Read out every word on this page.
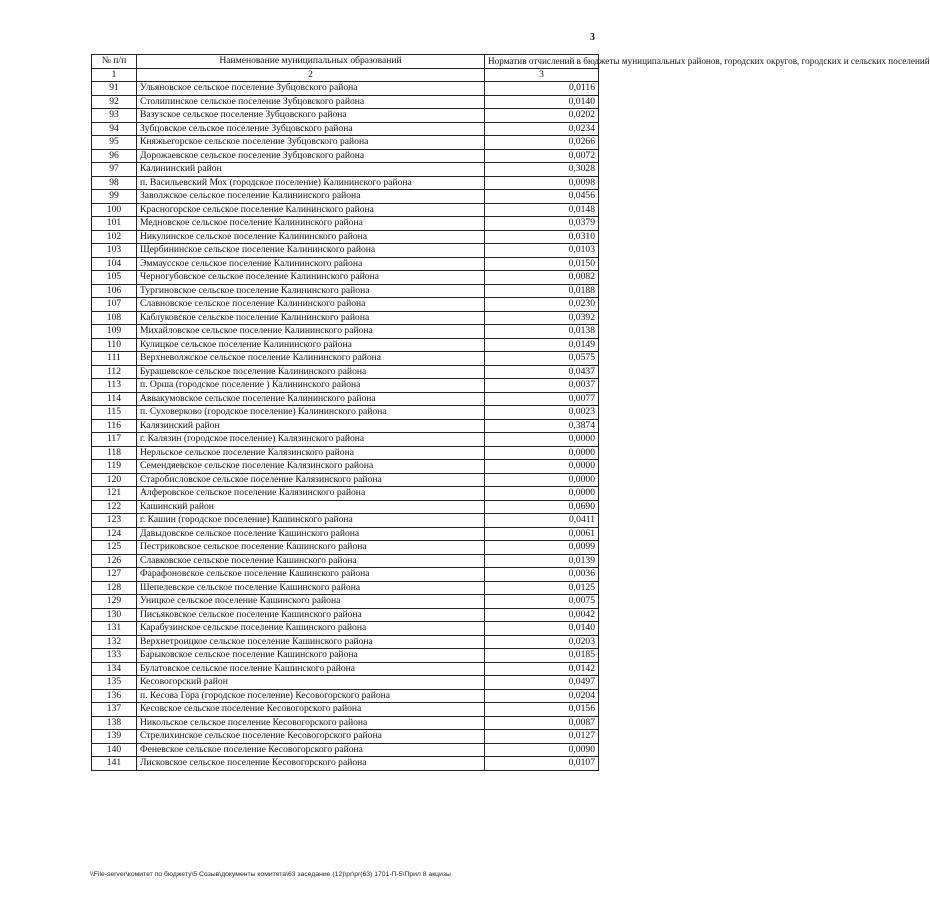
3
№ п/п	Наименование муниципальных образований	Норматив отчислений в бюджеты муниципальных районов, городских округов, городских и сельских поселений
1	2	3
91	Ульяновское сельское поселение Зубцовского района	0,0116
92	Столипинское сельское поселение Зубцовского района	0,0140
93	Вазузское сельское поселение Зубцовского района	0,0202
94	Зубцовское сельское поселение Зубцовского района	0,0234
95	Княжьегорское сельское поселение Зубцовского района	0,0266
96	Дорожаевское сельское поселение Зубцовского района	0,0072
97	Калининский район	0,3028
98	п. Васильевский Мох (городское поселение) Калининского района	0,0098
99	Заволжское сельское поселение Калининского района	0,0456
100	Красногорское сельское поселение Калининского района	0,0148
101	Медновское сельское поселение Калининского района	0,0379
102	Никулинское сельское поселение Калининского района	0,0310
103	Щербининское сельское поселение Калининского района	0,0103
104	Эммаусское сельское поселение Калининского района	0,0150
105	Черногубовское сельское поселение Калининского района	0,0082
106	Тургиновское сельское поселение Калининского района	0,0188
107	Славновское сельское поселение Калининского района	0,0230
108	Каблуковское сельское поселение Калининского района	0,0392
109	Михайловское сельское поселение Калининского района	0,0138
110	Кулицкое сельское поселение Калининского района	0,0149
111	Верхневолжское сельское поселение Калининского района	0,0575
112	Бурашевское сельское поселение Калининского района	0,0437
113	п. Орша (городское поселение ) Калининского района	0,0037
114	Аввакумовское сельское поселение Калининского района	0,0077
115	п. Суховерково (городское поселение) Калининского района	0,0023
116	Калязинский район	0,3874
117	г. Калязин (городское поселение) Калязинского района	0,0000
118	Нерльское сельское поселение Калязинского района	0,0000
119	Семендяевское сельское поселение Калязинского района	0,0000
120	Старобисловское сельское поселение Калязинского района	0,0000
121	Алферовское сельское поселение Калязинского района	0,0000
122	Кашинский район	0,0690
123	г. Кашин (городское поселение) Кашинского района	0,0411
124	Давыдовское сельское поселение Кашинского района	0,0061
125	Пестриковское сельское поселение Кашинского района	0,0099
126	Славковское сельское поселение Кашинского района	0,0139
127	Фарафоновское сельское поселение Кашинского района	0,0036
128	Шепелевское сельское поселение Кашинского района	0,0125
129	Уницкое сельское поселение Кашинского района	0,0075
130	Письяковское сельское поселение Кашинского района	0,0042
131	Карабузинское сельское поселение Кашинского района	0,0140
132	Верхнетроицкое сельское поселение Кашинского района	0,0203
133	Барыковское сельское поселение Кашинского района	0,0185
134	Булатовское сельское поселение Кашинского района	0,0142
135	Кесовогорский район	0,0497
136	п. Кесова Гора (городское поселение) Кесовогорского района	0,0204
137	Кесовское сельское поселение Кесовогорского района	0,0156
138	Никольское сельское поселение Кесовогорского района	0,0087
139	Стрелихинское сельское поселение Кесовогорского района	0,0127
140	Феневское сельское поселение Кесовогорского района	0,0090
141	Лисковское сельское поселение Кесовогорского района	0,0107
\\File-server\комитет по бюджету\5 Созыв\документы комитета\63 заседание (12)\pr\pr(63) 1701-П-5\Прил 8 акцизы
